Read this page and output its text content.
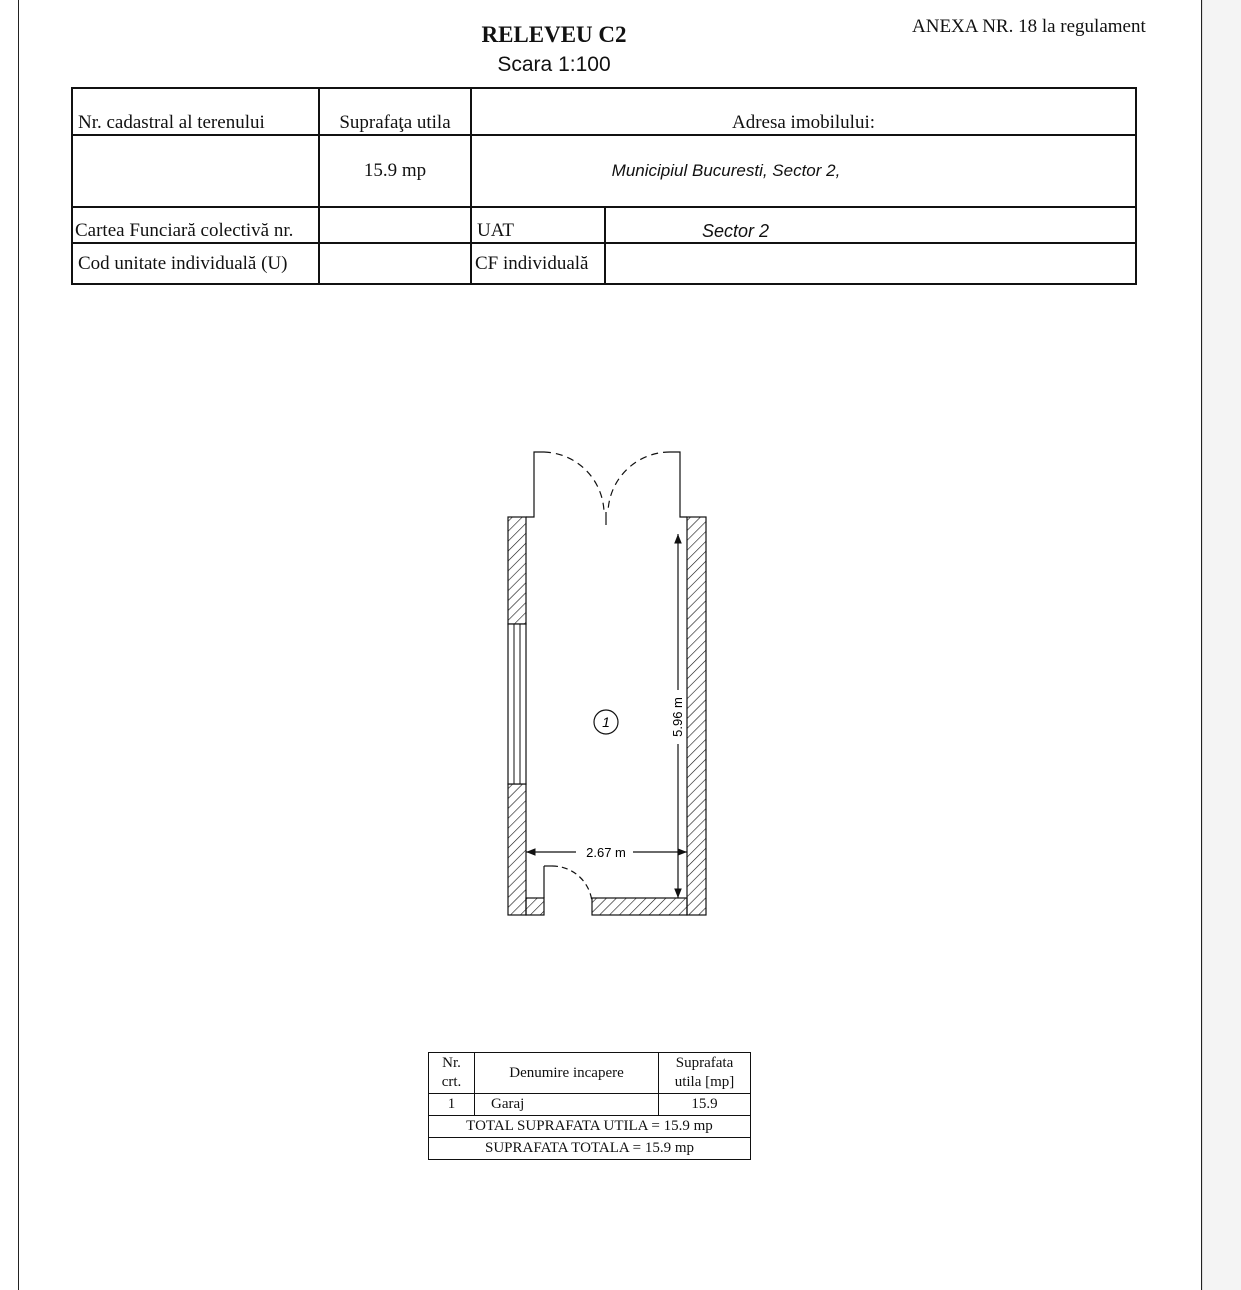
ANEXA NR. 18 la regulament
RELEVEU C2
Scara 1:100
Nr. cadastral al terenului	Suprafaţa utila	Adresa imobilului:	
	15.9 mp	Municipiul Bucuresti, Sector 2,	
Cartea Funciară colectivă nr.		UAT	Sector 2
Cod unitate individuală (U)		CF individuală	
1	5.96 m
2.67 m
Nr. crt.	Denumire incapere	Suprafata utila [mp]
1	Garaj	15.9
TOTAL SUPRAFATA UTILA = 15.9 mp		
SUPRAFATA TOTALA = 15.9 mp		
